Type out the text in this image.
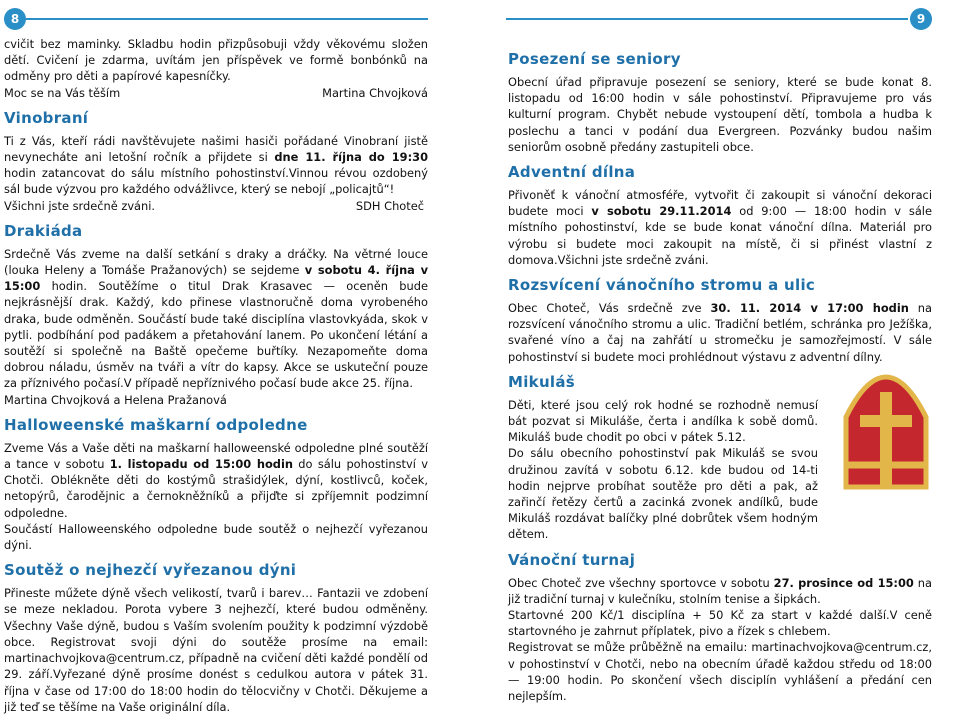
8	9

cvičit bez maminky. Skladbu hodin přizpůsobuji vždy věkovému složen dětí. Cvičení je zdarma, uvítám jen příspěvek ve formě bonbónků na odměny pro děti a papírové kapesníčky.

Moc se na Vás těším	Martina Chvojková
Vinobraní

Ti z Vás, kteří rádi navštěvujete našimi hasiči pořádané Vinobraní jistě nevynecháte ani letošní ročník a přijdete si dne 11. října do 19:30 hodin zatancovat do sálu místního pohostinství.Vinnou révou ozdobený sál bude výzvou pro každého odvážlivce, který se nebojí „policajtů“!

Všichni jste srdečně zváni.	SDH Choteč
Drakiáda

Srdečně Vás zveme na další setkání s draky a dráčky. Na větrné louce (louka Heleny a Tomáše Pražanových) se sejdeme v sobotu 4. října v 15:00 hodin. Soutěžíme o titul Drak Krasavec — oceněn bude nejkrásnější drak. Každý, kdo přinese vlastnoručně doma vyrobeného draka, bude odměněn. Součástí bude také disciplína vlastovkyáda, skok v pytli. podbíhání pod padákem a přetahování lanem. Po ukončení létání a soutěží si společně na Baště opečeme buřtíky. Nezapomeňte doma dobrou náladu, úsměv na tváři a vítr do kapsy. Akce se uskuteční pouze za příznivého počasí.V případě nepříznivého počasí bude akce 25. října.

Martina Chvojková a Helena Pražanová

Halloweenské maškarní odpoledne

Zveme Vás a Vaše děti na maškarní halloweenské odpoledne plné soutěží a tance v sobotu 1. listopadu od 15:00 hodin do sálu pohostinství v Chotči. Oblékněte děti do kostýmů strašidýlek, dýní, kostlivců, koček, netopýrů, čarodějnic a černokněžníků a přijďte si zpříjemnit podzimní odpoledne.

Součástí Halloweenského odpoledne bude soutěž o nejhezčí vyřezanou dýni.

Soutěž o nejhezčí vyřezanou dýni

Přineste műžete dýně všech velikostí, tvarů i barev… Fantazii ve zdobení se meze nekladou. Porota vybere 3 nejhezčí, které budou odměněny. Všechny Vaše dýně, budou s Vaším svolením použity k podzimní výzdobě obce. Registrovat svoji dýni do soutěže prosíme na email: martinachvojkova@centrum.cz, případně na cvičení děti každé pondělí od 29. září.Vyřezané dýně prosíme donést s cedulkou autora v pátek 31. října v čase od 17:00 do 18:00 hodin do tělocvičny v Chotči. Děkujeme a již teď se těšíme na Vaše originální díla.

Posezení se seniory

Obecní úřad připravuje posezení se seniory, které se bude konat 8. listopadu od 16:00 hodin v sále pohostinství. Připravujeme pro vás kulturní program. Chybět nebude vystoupení dětí, tombola a hudba k poslechu a tanci v podání dua Evergreen. Pozvánky budou našim seniorům osobně předány zastupiteli obce.

Adventní dílna

Přivoněť k vánoční atmosféře, vytvořit či zakoupit si vánoční dekoraci budete moci v sobotu 29.11.2014 od 9:00 — 18:00 hodin v sále místního pohostinství, kde se bude konat vánoční dílna. Materiál pro výrobu si budete moci zakoupit na místě, či si přinést vlastní z domova.Všichni jste srdečně zváni.

Rozsvícení vánočního stromu a ulic

Obec Choteč, Vás srdečně zve 30. 11. 2014 v 17:00 hodin na rozsvícení vánočního stromu a ulic. Tradiční betlém, schránka pro Ježíška, svařené víno a čaj na zahřátí u stromečku je samozřejmostí. V sále pohostinství si budete moci prohlédnout výstavu z adventní dílny.

Mikuláš

Děti, které jsou celý rok hodné se rozhodně nemusí bát pozvat si Mikuláše, čerta i andílka k sobě domů. Mikuláš bude chodit po obci v pátek 5.12.

Do sálu obecního pohostinství pak Mikuláš se svou družinou zavítá v sobotu 6.12. kde budou od 14-ti hodin nejprve probíhat soutěže pro děti a pak, až zařinčí řetězy čertů a zacinká zvonek andílků, bude Mikuláš rozdávat balíčky plné dobrůtek všem hodným dětem.

Vánoční turnaj

Obec Choteč zve všechny sportovce v sobotu 27. prosince od 15:00 na již tradiční turnaj v kulečníku, stolním tenise a šipkách.

Startovné 200 Kč/1 disciplína + 50 Kč za start v každé další.V ceně startovného je zahrnut příplatek, pivo a řízek s chlebem.

Registrovat se může průběžně na emailu: martinachvojkova@centrum.cz, v pohostinství v Chotči, nebo na obecním úřadě každou středu od 18:00 — 19:00 hodin. Po skončení všech disciplín vyhlášení a předání cen nejlepším.
